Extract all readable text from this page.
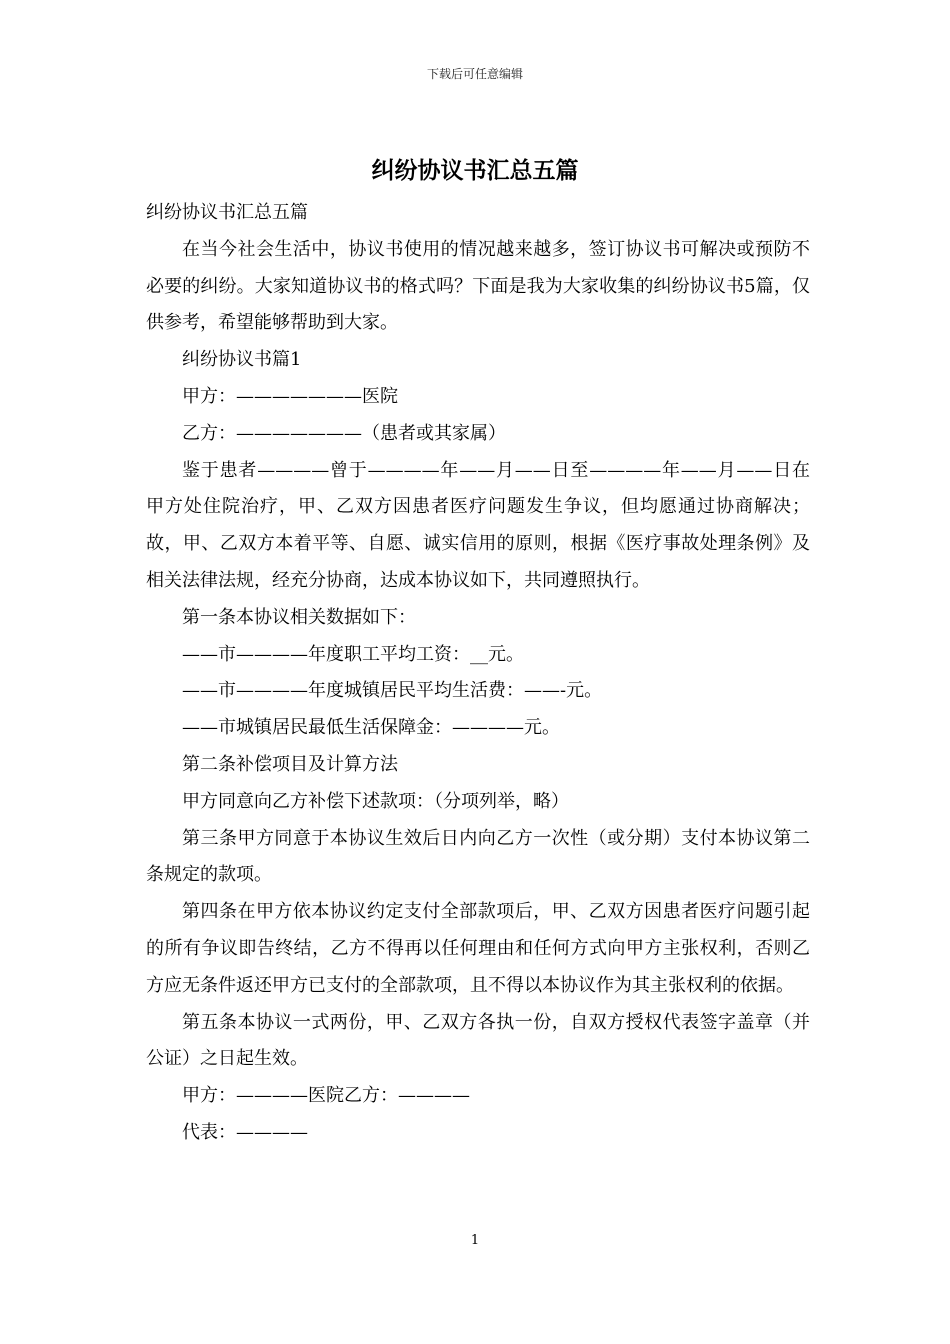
下载后可任意编辑
纠纷协议书汇总五篇

纠纷协议书汇总五篇

在当今社会生活中，协议书使用的情况越来越多，签订协议书可解决或预防不必要的纠纷。大家知道协议书的格式吗？下面是我为大家收集的纠纷协议书5篇，仅供参考，希望能够帮助到大家。

纠纷协议书篇1

甲方：———————医院

乙方：———————（患者或其家属）

鉴于患者————曾于————年——月——日至————年——月——日在甲方处住院治疗，甲、乙双方因患者医疗问题发生争议，但均愿通过协商解决；故，甲、乙双方本着平等、自愿、诚实信用的原则，根据《医疗事故处理条例》及相关法律法规，经充分协商，达成本协议如下，共同遵照执行。

第一条本协议相关数据如下：

——市————年度职工平均工资：__元。

——市————年度城镇居民平均生活费：——-元。

——市城镇居民最低生活保障金：————元。

第二条补偿项目及计算方法

甲方同意向乙方补偿下述款项：（分项列举，略）

第三条甲方同意于本协议生效后日内向乙方一次性（或分期）支付本协议第二条规定的款项。

第四条在甲方依本协议约定支付全部款项后，甲、乙双方因患者医疗问题引起的所有争议即告终结，乙方不得再以任何理由和任何方式向甲方主张权利，否则乙方应无条件返还甲方已支付的全部款项，且不得以本协议作为其主张权利的依据。

第五条本协议一式两份，甲、乙双方各执一份，自双方授权代表签字盖章（并公证）之日起生效。

甲方：————医院乙方：————

代表：————

1
